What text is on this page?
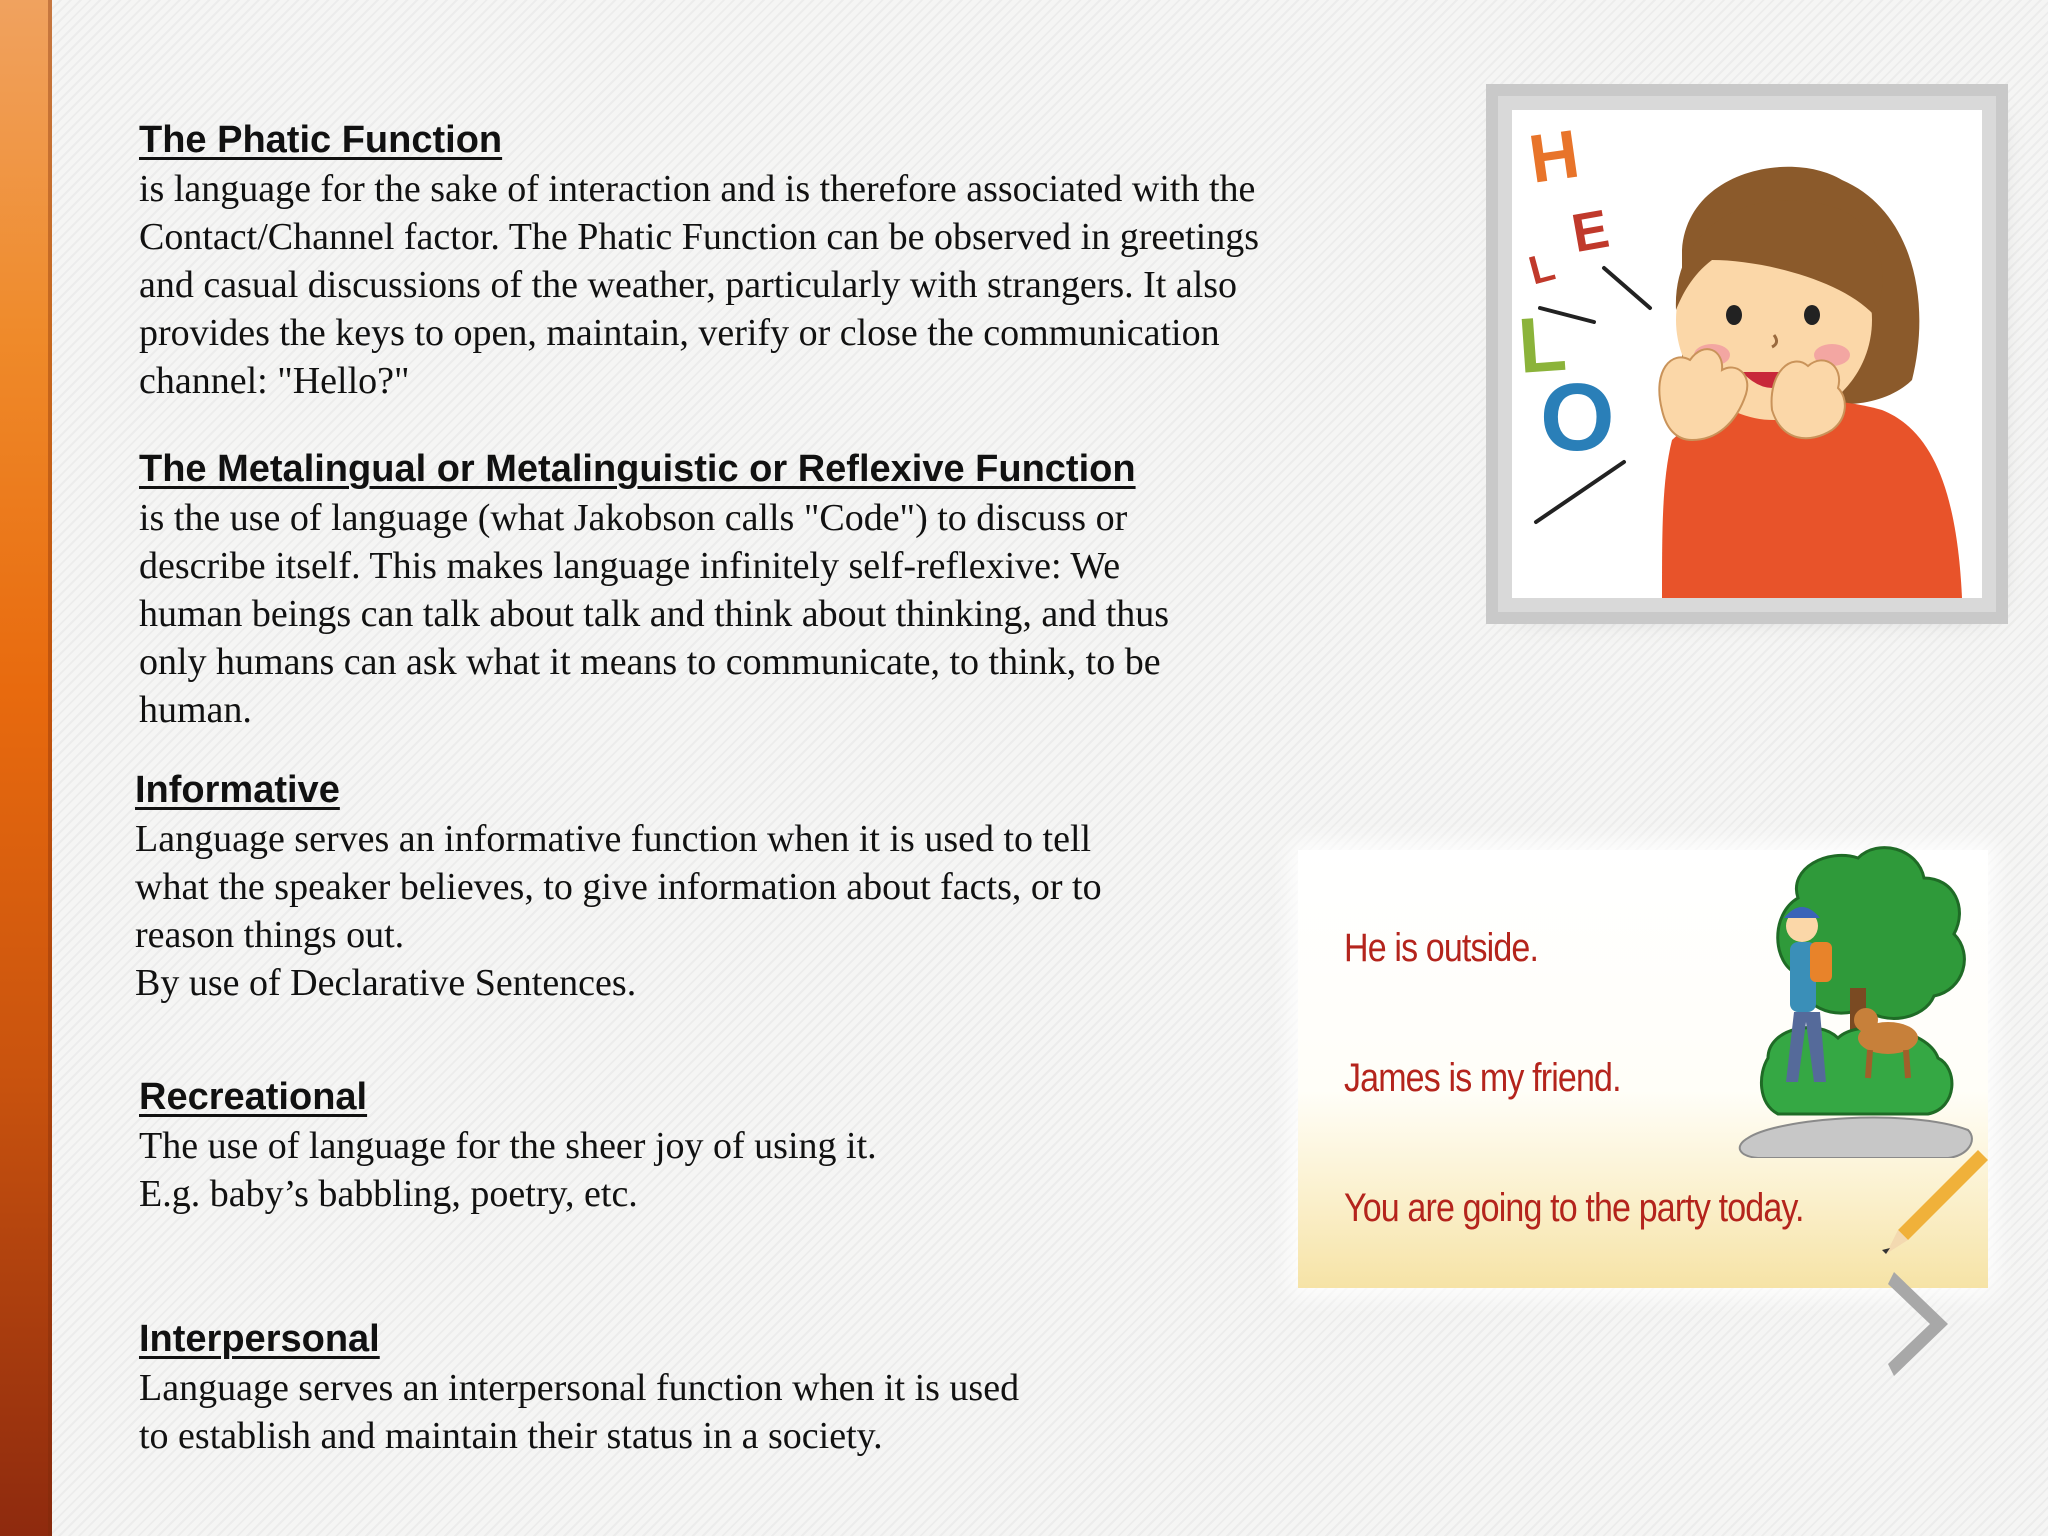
The Phatic Function

is language for the sake of interaction and is therefore associated with the

Contact/Channel factor. The Phatic Function can be observed in greetings

and casual discussions of the weather, particularly with strangers. It also

provides the keys to open, maintain, verify or close the communication

channel: "Hello?"

The Metalingual or Metalinguistic or Reflexive Function

is the use of language (what Jakobson calls "Code") to discuss or

describe itself. This makes language infinitely self-reflexive: We

human beings can talk about talk and think about thinking, and thus

only humans can ask what it means to communicate, to think, to be

human.

Informative

Language serves an informative function when it is used to tell

what the speaker believes, to give information about facts, or to

reason things out.

By use of Declarative Sentences.

Recreational

The use of language for the sheer joy of using it.

E.g. baby’s babbling, poetry, etc.

Interpersonal

Language serves an interpersonal function when it is used

to establish and maintain their status in a society.

H
E
L
L
O
He is outside.
James is my friend.
You are going to the party today.
